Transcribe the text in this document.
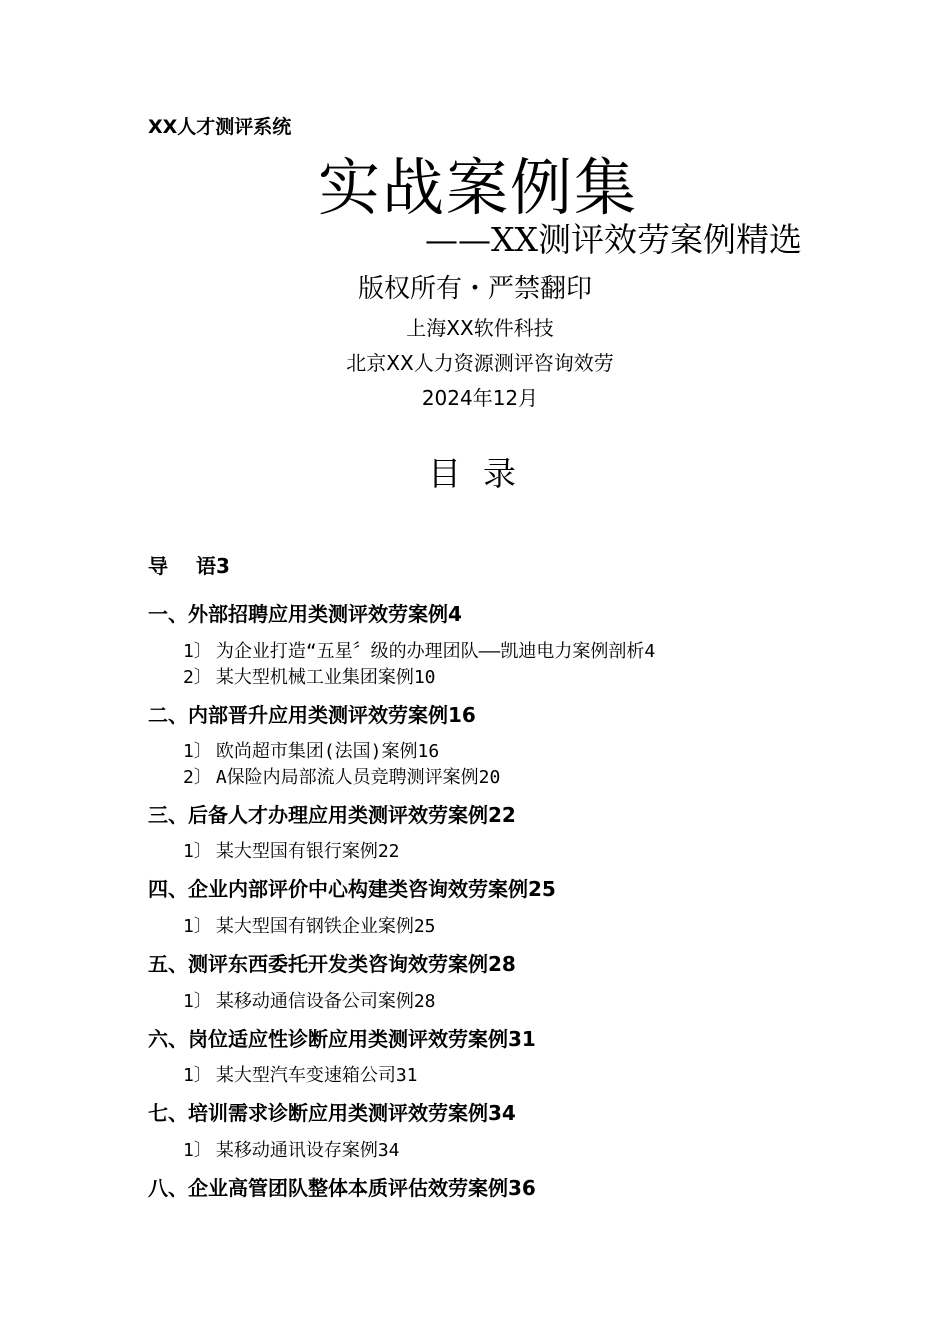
XX人才测评系统
实战案例集
——XX测评效劳案例精选
版权所有・严禁翻印
上海XX软件科技
北京XX人力资源测评咨询效劳
2024年12月
目录
导 语3
一、外部招聘应用类测评效劳案例4
1〕 为企业打造“五星〞级的办理团队——凯迪电力案例剖析4
2〕 某大型机械工业集团案例10
二、内部晋升应用类测评效劳案例16
1〕 欧尚超市集团(法国)案例16
2〕 A保险内局部流人员竞聘测评案例20
三、后备人才办理应用类测评效劳案例22
1〕 某大型国有银行案例22
四、企业内部评价中心构建类咨询效劳案例25
1〕 某大型国有钢铁企业案例25
五、测评东西委托开发类咨询效劳案例28
1〕 某移动通信设备公司案例28
六、岗位适应性诊断应用类测评效劳案例31
1〕 某大型汽车变速箱公司31
七、培训需求诊断应用类测评效劳案例34
1〕 某移动通讯设存案例34
八、企业高管团队整体本质评估效劳案例36
